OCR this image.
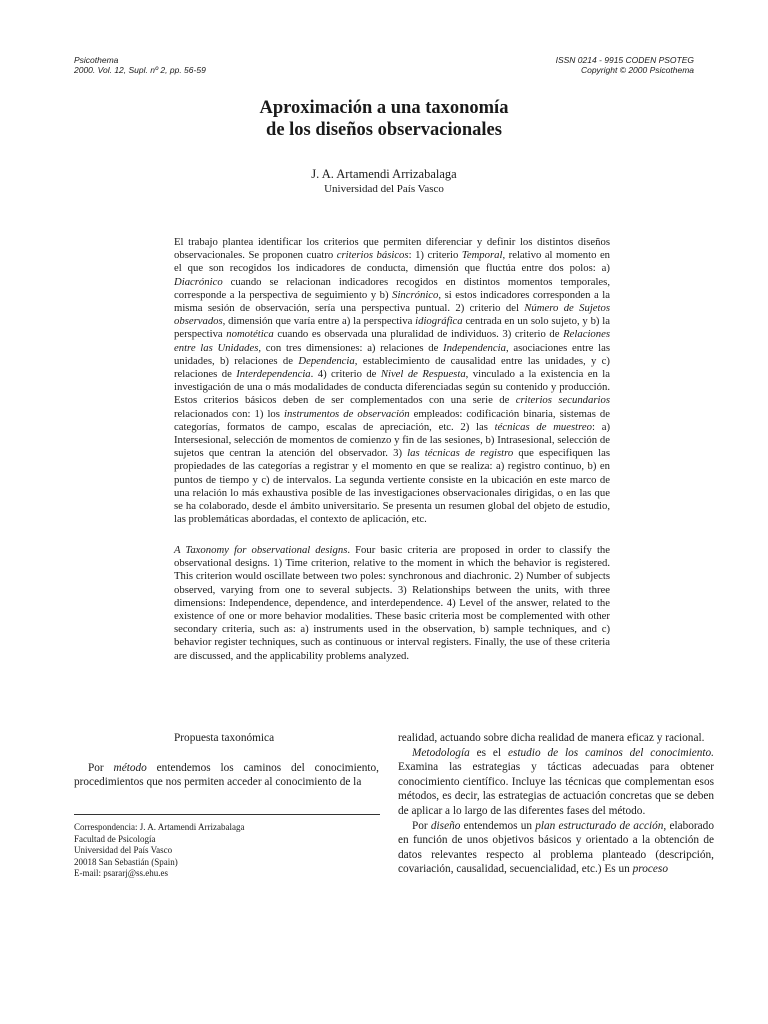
Psicothema
2000. Vol. 12, Supl. nº 2, pp. 56-59
ISSN 0214 - 9915 CODEN PSOTEG
Copyright © 2000 Psicothema
Aproximación a una taxonomía
de los diseños observacionales
J. A. Artamendi Arrizabalaga
Universidad del País Vasco

El trabajo plantea identificar los criterios que permiten diferenciar y definir los distintos diseños observacionales. Se proponen cuatro criterios básicos: 1) criterio Temporal, relativo al momento en el que son recogidos los indicadores de conducta, dimensión que fluctúa entre dos polos: a) Diacrónico cuando se relacionan indicadores recogidos en distintos momentos temporales, corresponde a la perspectiva de seguimiento y b) Sincrónico, si estos indicadores corresponden a la misma sesión de observación, sería una perspectiva puntual. 2) criterio del Número de Sujetos observados, dimensión que varía entre a) la perspectiva idiográfica centrada en un solo sujeto, y b) la perspectiva nomotética cuando es observada una pluralidad de individuos. 3) criterio de Relaciones entre las Unidades, con tres dimensiones: a) relaciones de Independencia, asociaciones entre las unidades, b) relaciones de Dependencia, establecimiento de causalidad entre las unidades, y c) relaciones de Interdependencia. 4) criterio de Nivel de Respuesta, vinculado a la existencia en la investigación de una o más modalidades de conducta diferenciadas según su contenido y producción. Estos criterios básicos deben de ser complementados con una serie de criterios secundarios relacionados con: 1) los instrumentos de observación empleados: codificación binaria, sistemas de categorías, formatos de campo, escalas de apreciación, etc. 2) las técnicas de muestreo: a) Intersesional, selección de momentos de comienzo y fin de las sesiones, b) Intrasesional, selección de sujetos que centran la atención del observador. 3) las técnicas de registro que especifiquen las propiedades de las categorías a registrar y el momento en que se realiza: a) registro continuo, b) en puntos de tiempo y c) de intervalos. La segunda vertiente consiste en la ubicación en este marco de una relación lo más exhaustiva posible de las investigaciones observacionales dirigidas, o en las que se ha colaborado, desde el ámbito universitario. Se presenta un resumen global del objeto de estudio, las problemáticas abordadas, el contexto de aplicación, etc.

A Taxonomy for observational designs. Four basic criteria are proposed in order to classify the observational designs. 1) Time criterion, relative to the moment in which the behavior is registered. This criterion would oscillate between two poles: synchronous and diachronic. 2) Number of subjects observed, varying from one to several subjects. 3) Relationships between the units, with three dimensions: Independence, dependence, and interdependence. 4) Level of the answer, related to the existence of one or more behavior modalities. These basic criteria most be complemented with other secondary criteria, such as: a) instruments used in the observation, b) sample techniques, and c) behavior register techniques, such as continuous or interval registers. Finally, the use of these criteria are discussed, and the applicability problems analyzed.

Propuesta taxonómica

Por método entendemos los caminos del conocimiento, procedimientos que nos permiten acceder al conocimiento de la

realidad, actuando sobre dicha realidad de manera eficaz y racional.

Metodología es el estudio de los caminos del conocimiento. Examina las estrategias y tácticas adecuadas para obtener conocimiento científico. Incluye las técnicas que complementan esos métodos, es decir, las estrategias de actuación concretas que se deben de aplicar a lo largo de las diferentes fases del método.

Por diseño entendemos un plan estructurado de acción, elaborado en función de unos objetivos básicos y orientado a la obtención de datos relevantes respecto al problema planteado (descripción, covariación, causalidad, secuencialidad, etc.) Es un proceso

Correspondencia: J. A. Artamendi Arrizabalaga
Facultad de Psicología
Universidad del País Vasco
20018 San Sebastián (Spain)
E-mail: psararj@ss.ehu.es
